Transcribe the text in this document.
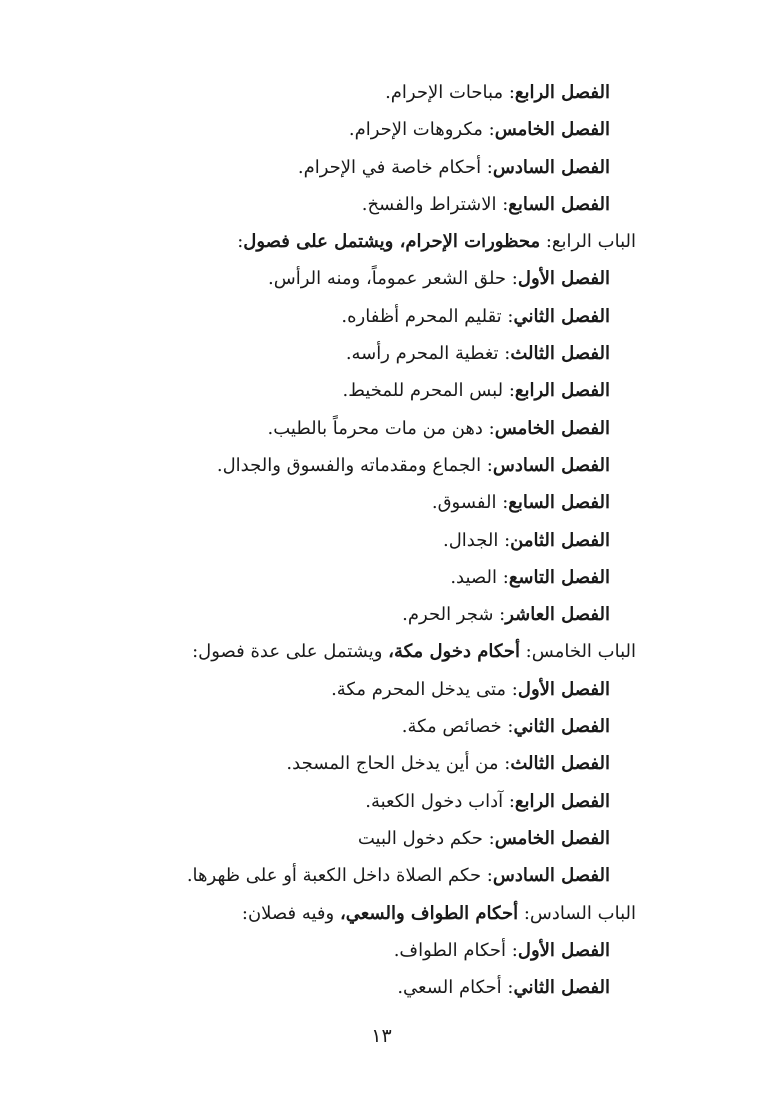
الفصل الرابع: مباحات الإحرام.
الفصل الخامس: مكروهات الإحرام.
الفصل السادس: أحكام خاصة في الإحرام.
الفصل السابع: الاشتراط والفسخ.
الباب الرابع: محظورات الإحرام، ويشتمل على فصول:
الفصل الأول: حلق الشعر عموماً، ومنه الرأس.
الفصل الثاني: تقليم المحرم أظفاره.
الفصل الثالث: تغطية المحرم رأسه.
الفصل الرابع: لبس المحرم للمخيط.
الفصل الخامس: دهن من مات محرماً بالطيب.
الفصل السادس: الجماع ومقدماته والفسوق والجدال.
الفصل السابع: الفسوق.
الفصل الثامن: الجدال.
الفصل التاسع: الصيد.
الفصل العاشر: شجر الحرم.
الباب الخامس: أحكام دخول مكة، ويشتمل على عدة فصول:
الفصل الأول: متى يدخل المحرم مكة.
الفصل الثاني: خصائص مكة.
الفصل الثالث: من أين يدخل الحاج المسجد.
الفصل الرابع: آداب دخول الكعبة.
الفصل الخامس: حكم دخول البيت
الفصل السادس: حكم الصلاة داخل الكعبة أو على ظهرها.
الباب السادس: أحكام الطواف والسعي، وفيه فصلان:
الفصل الأول: أحكام الطواف.
الفصل الثاني: أحكام السعي.
١٣
